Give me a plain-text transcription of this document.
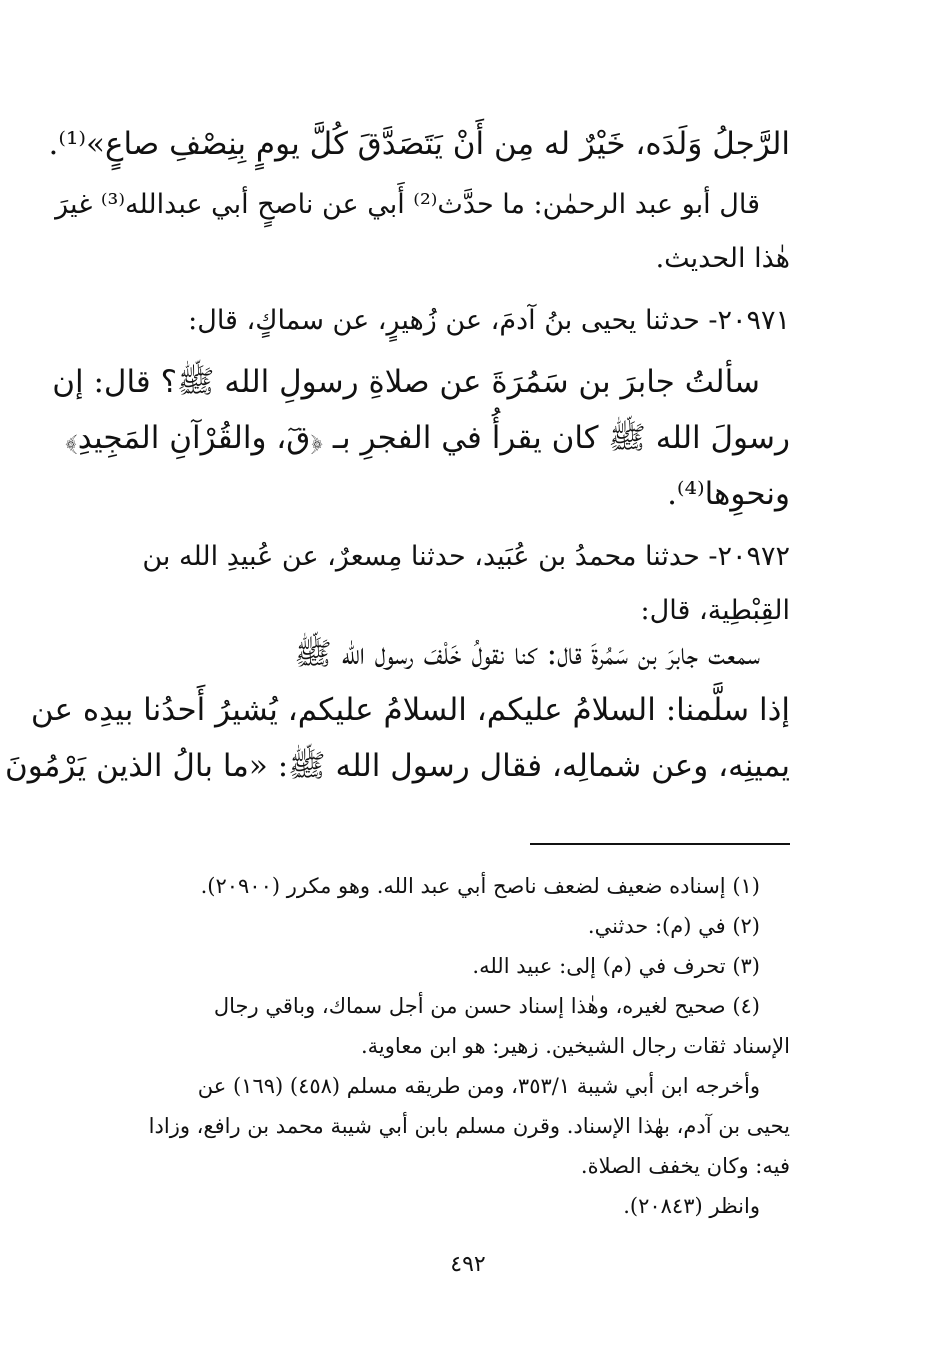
الرَّجلُ وَلَدَه، خَيْرٌ له مِن أَنْ يَتَصَدَّقَ كُلَّ يومٍ بِنِصْفِ صاعٍ»⁽¹⁾.
قال أبو عبد الرحمٰن: ما حدَّث⁽²⁾ أَبي عن ناصحٍ أبي عبدالله⁽³⁾ غيرَ
هٰذا الحديث.
٢٠٩٧١- حدثنا يحيى بنُ آدمَ، عن زُهيرٍ، عن سماكٍ، قال:
سألتُ جابرَ بن سَمُرَةَ عن صلاةِ رسولِ الله ﷺ؟ قال: إن
رسولَ الله ﷺ كان يقرأُ في الفجرِ بـ ﴿قٓ، والقُرْآنِ المَجِيدِ﴾
ونحوِها⁽⁴⁾.
٢٠٩٧٢- حدثنا محمدُ بن عُبَيد، حدثنا مِسعرٌ، عن عُبيدِ الله بن
القِبْطِية، قال:
سمعت جابرَ بن سَمُرةَ قال: كنا نقولُ خَلْفَ رسول الله ﷺ
إذا سلَّمنا: السلامُ عليكم، السلامُ عليكم، يُشيرُ أَحدُنا بيدِه عن
يمينِه، وعن شمالِه، فقال رسول الله ﷺ: «ما بالُ الذين يَرْمُونَ
(١) إسناده ضعيف لضعف ناصح أبي عبد الله. وهو مكرر (٢٠٩٠٠).
(٢) في (م): حدثني.
(٣) تحرف في (م) إلى: عبيد الله.
(٤) صحيح لغيره، وهٰذا إسناد حسن من أجل سماك، وباقي رجال
الإسناد ثقات رجال الشيخين. زهير: هو ابن معاوية.
وأخرجه ابن أبي شيبة ٣٥٣/١، ومن طريقه مسلم (٤٥٨) (١٦٩) عن
يحيى بن آدم، بهٰذا الإسناد. وقرن مسلم بابن أبي شيبة محمد بن رافع، وزادا
فيه: وكان يخفف الصلاة.
وانظر (٢٠٨٤٣).
٤٩٢
